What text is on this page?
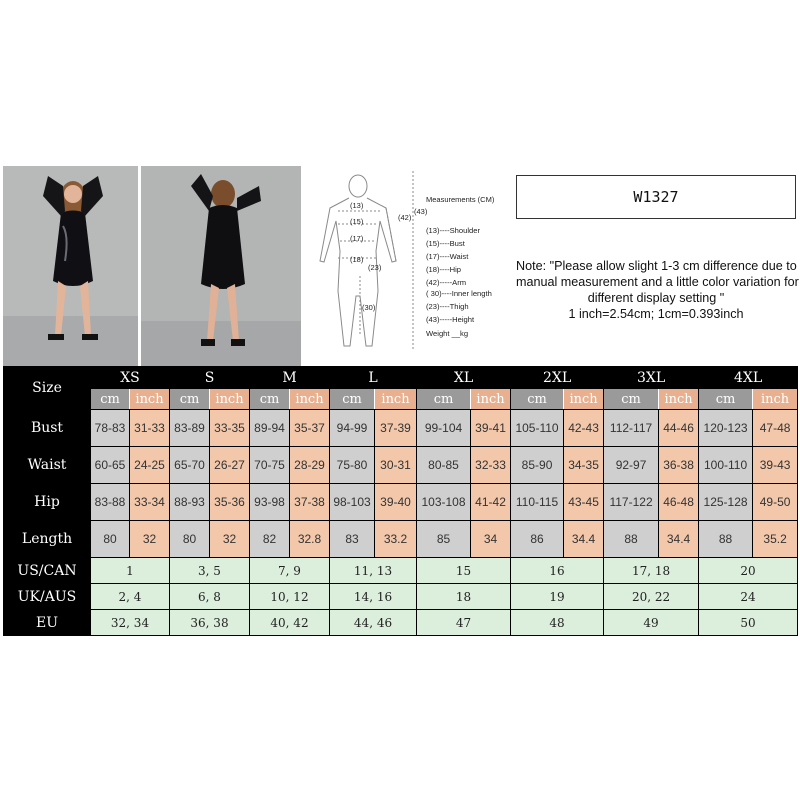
(13)
(15)
(17)
(18)
(23)
(30)
(42)
(43)
Measurements (CM)
(13)----Shoulder
(15)----Bust
(17)----Waist
(18)----Hip
(42)-----Arm
( 30)----Inner length
(23)----Thigh
(43)-----Height
Weight __kg
W1327
Note: "Please allow slight 1-3 cm difference due to
manual measurement and a little color variation for
different display setting "
1 inch=2.54cm; 1cm=0.393inch
Size	XS		S		M		L		XL		2XL		3XL		4XL	
	cm	inch	cm	inch	cm	inch	cm	inch	cm	inch	cm	inch	cm	inch	cm	inch
Bust	78-83	31-33	83-89	33-35	89-94	35-37	94-99	37-39	99-104	39-41	105-110	42-43	112-117	44-46	120-123	47-48
Waist	60-65	24-25	65-70	26-27	70-75	28-29	75-80	30-31	80-85	32-33	85-90	34-35	92-97	36-38	100-110	39-43
Hip	83-88	33-34	88-93	35-36	93-98	37-38	98-103	39-40	103-108	41-42	110-115	43-45	117-122	46-48	125-128	49-50
Length	80	32	80	32	82	32.8	83	33.2	85	34	86	34.4	88	34.4	88	35.2
US/CAN	1		3, 5		7, 9		11, 13		15		16		17, 18		20	
UK/AUS	2, 4		6, 8		10, 12		14, 16		18		19		20, 22		24	
EU	32, 34		36, 38		40, 42		44, 46		47		48		49		50	
